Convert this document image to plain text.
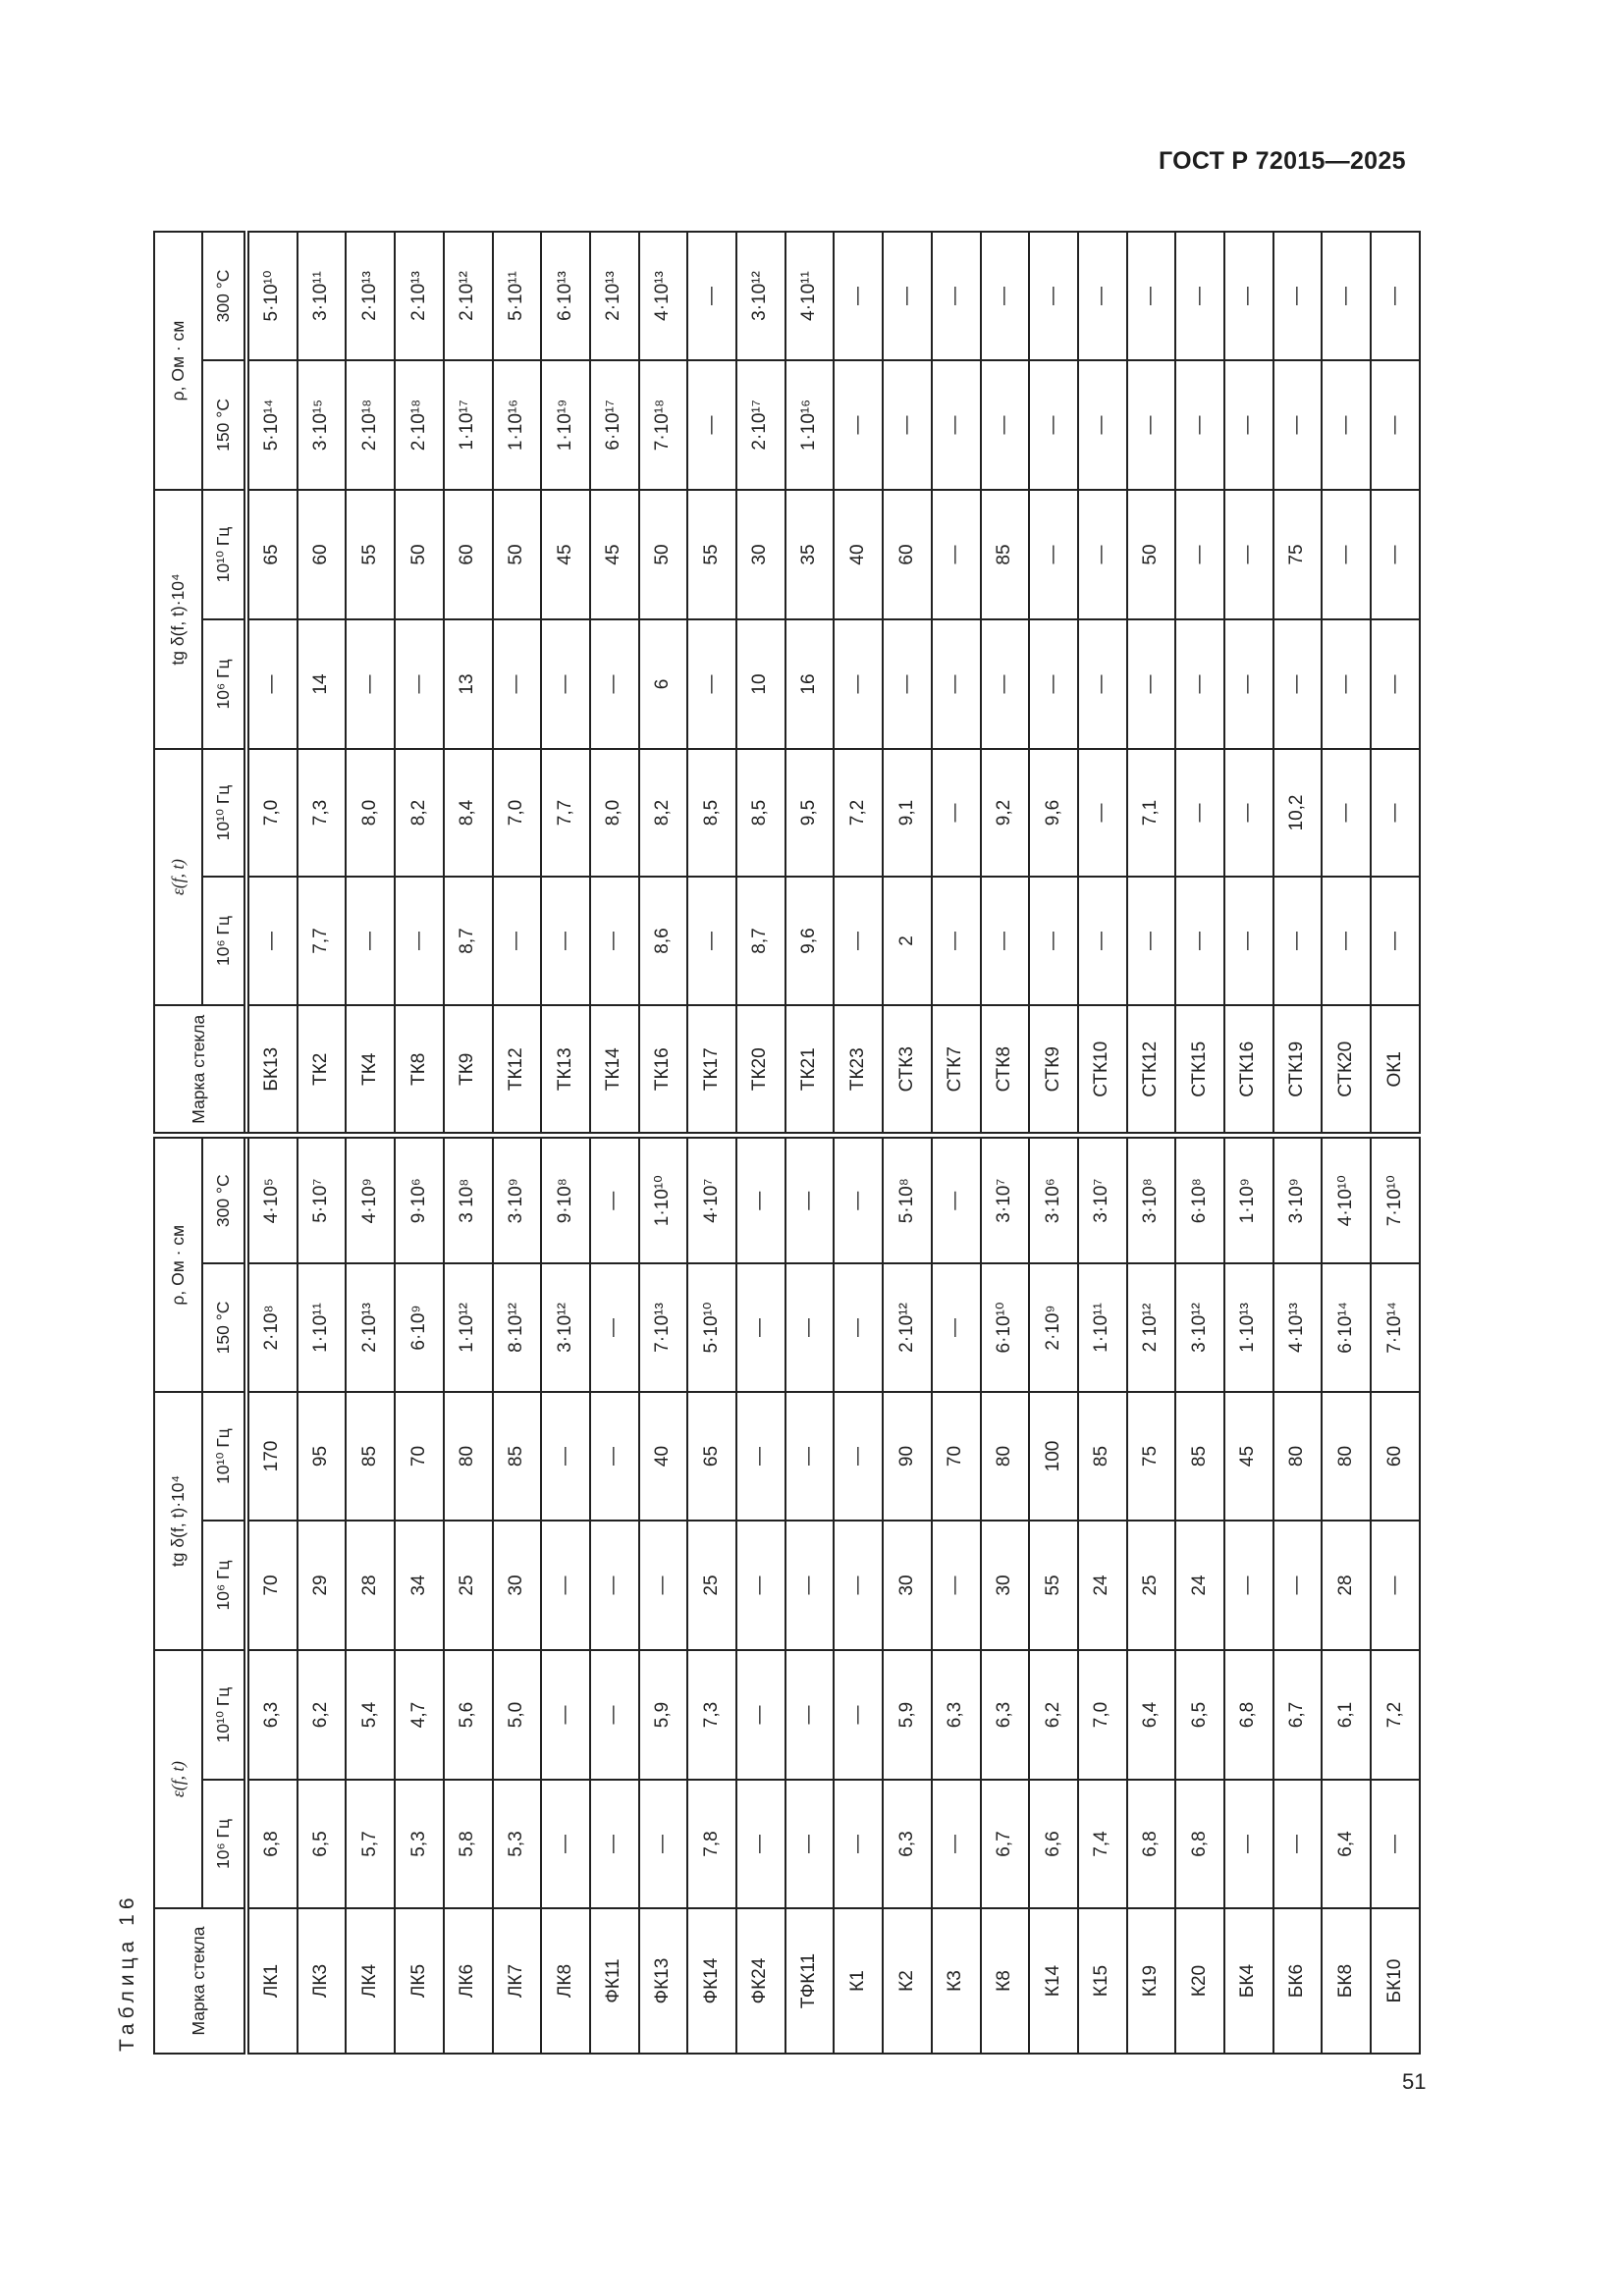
ГОСТ Р 72015—2025
Таблица 16	Марка стекла	ε(f, t)		tg δ(f, t)·10⁴		ρ, Ом · см		Марка стекла	ε(f, t)		tg δ(f, t)·10⁴		ρ, Ом · см	
	10⁶ Гц	10¹⁰ Гц	10⁶ Гц	10¹⁰ Гц	150 °C	300 °C		10⁶ Гц	10¹⁰ Гц	10⁶ Гц	10¹⁰ Гц	150 °C	300 °C
ЛК1	6,8	6,3	70	170	2·10⁸	4·10⁵	БК13	—	7,0	—	65	5·10¹⁴	5·10¹⁰
ЛК3	6,5	6,2	29	95	1·10¹¹	5·10⁷	ТК2	7,7	7,3	14	60	3·10¹⁵	3·10¹¹
ЛК4	5,7	5,4	28	85	2·10¹³	4·10⁹	ТК4	—	8,0	—	55	2·10¹⁸	2·10¹³
ЛК5	5,3	4,7	34	70	6·10⁹	9·10⁶	ТК8	—	8,2	—	50	2·10¹⁸	2·10¹³
ЛК6	5,8	5,6	25	80	1·10¹²	3 10⁸	ТК9	8,7	8,4	13	60	1·10¹⁷	2·10¹²
ЛК7	5,3	5,0	30	85	8·10¹²	3·10⁹	ТК12	—	7,0	—	50	1·10¹⁶	5·10¹¹
ЛК8	—	—	—	—	3·10¹²	9·10⁸	ТК13	—	7,7	—	45	1·10¹⁹	6·10¹³
ФК11	—	—	—	—	—	—	ТК14	—	8,0	—	45	6·10¹⁷	2·10¹³
ФК13	—	5,9	—	40	7·10¹³	1·10¹⁰	ТК16	8,6	8,2	6	50	7·10¹⁸	4·10¹³
ФК14	7,8	7,3	25	65	5·10¹⁰	4·10⁷	ТК17	—	8,5	—	55	—	—
ФК24	—	—	—	—	—	—	ТК20	8,7	8,5	10	30	2·10¹⁷	3·10¹²
ТФК11	—	—	—	—	—	—	ТК21	9,6	9,5	16	35	1·10¹⁶	4·10¹¹
К1	—	—	—	—	—	—	ТК23	—	7,2	—	40	—	—
К2	6,3	5,9	30	90	2·10¹²	5·10⁸	СТК3	2	9,1	—	60	—	—
К3	—	6,3	—	70	—	—	СТК7	—	—	—	—	—	—
К8	6,7	6,3	30	80	6·10¹⁰	3·10⁷	СТК8	—	9,2	—	85	—	—
К14	6,6	6,2	55	100	2·10⁹	3·10⁶	СТК9	—	9,6	—	—	—	—
К15	7,4	7,0	24	85	1·10¹¹	3·10⁷	СТК10	—	—	—	—	—	—
К19	6,8	6,4	25	75	2 10¹²	3·10⁸	СТК12	—	7,1	—	50	—	—
К20	6,8	6,5	24	85	3·10¹²	6·10⁸	СТК15	—	—	—	—	—	—
БК4	—	6,8	—	45	1·10¹³	1·10⁹	СТК16	—	—	—	—	—	—
БК6	—	6,7	—	80	4·10¹³	3·10⁹	СТК19	—	10,2	—	75	—	—
БК8	6,4	6,1	28	80	6·10¹⁴	4·10¹⁰	СТК20	—	—	—	—	—	—
БК10	—	7,2	—	60	7·10¹⁴	7·10¹⁰	ОК1	—	—	—	—	—	—
51
